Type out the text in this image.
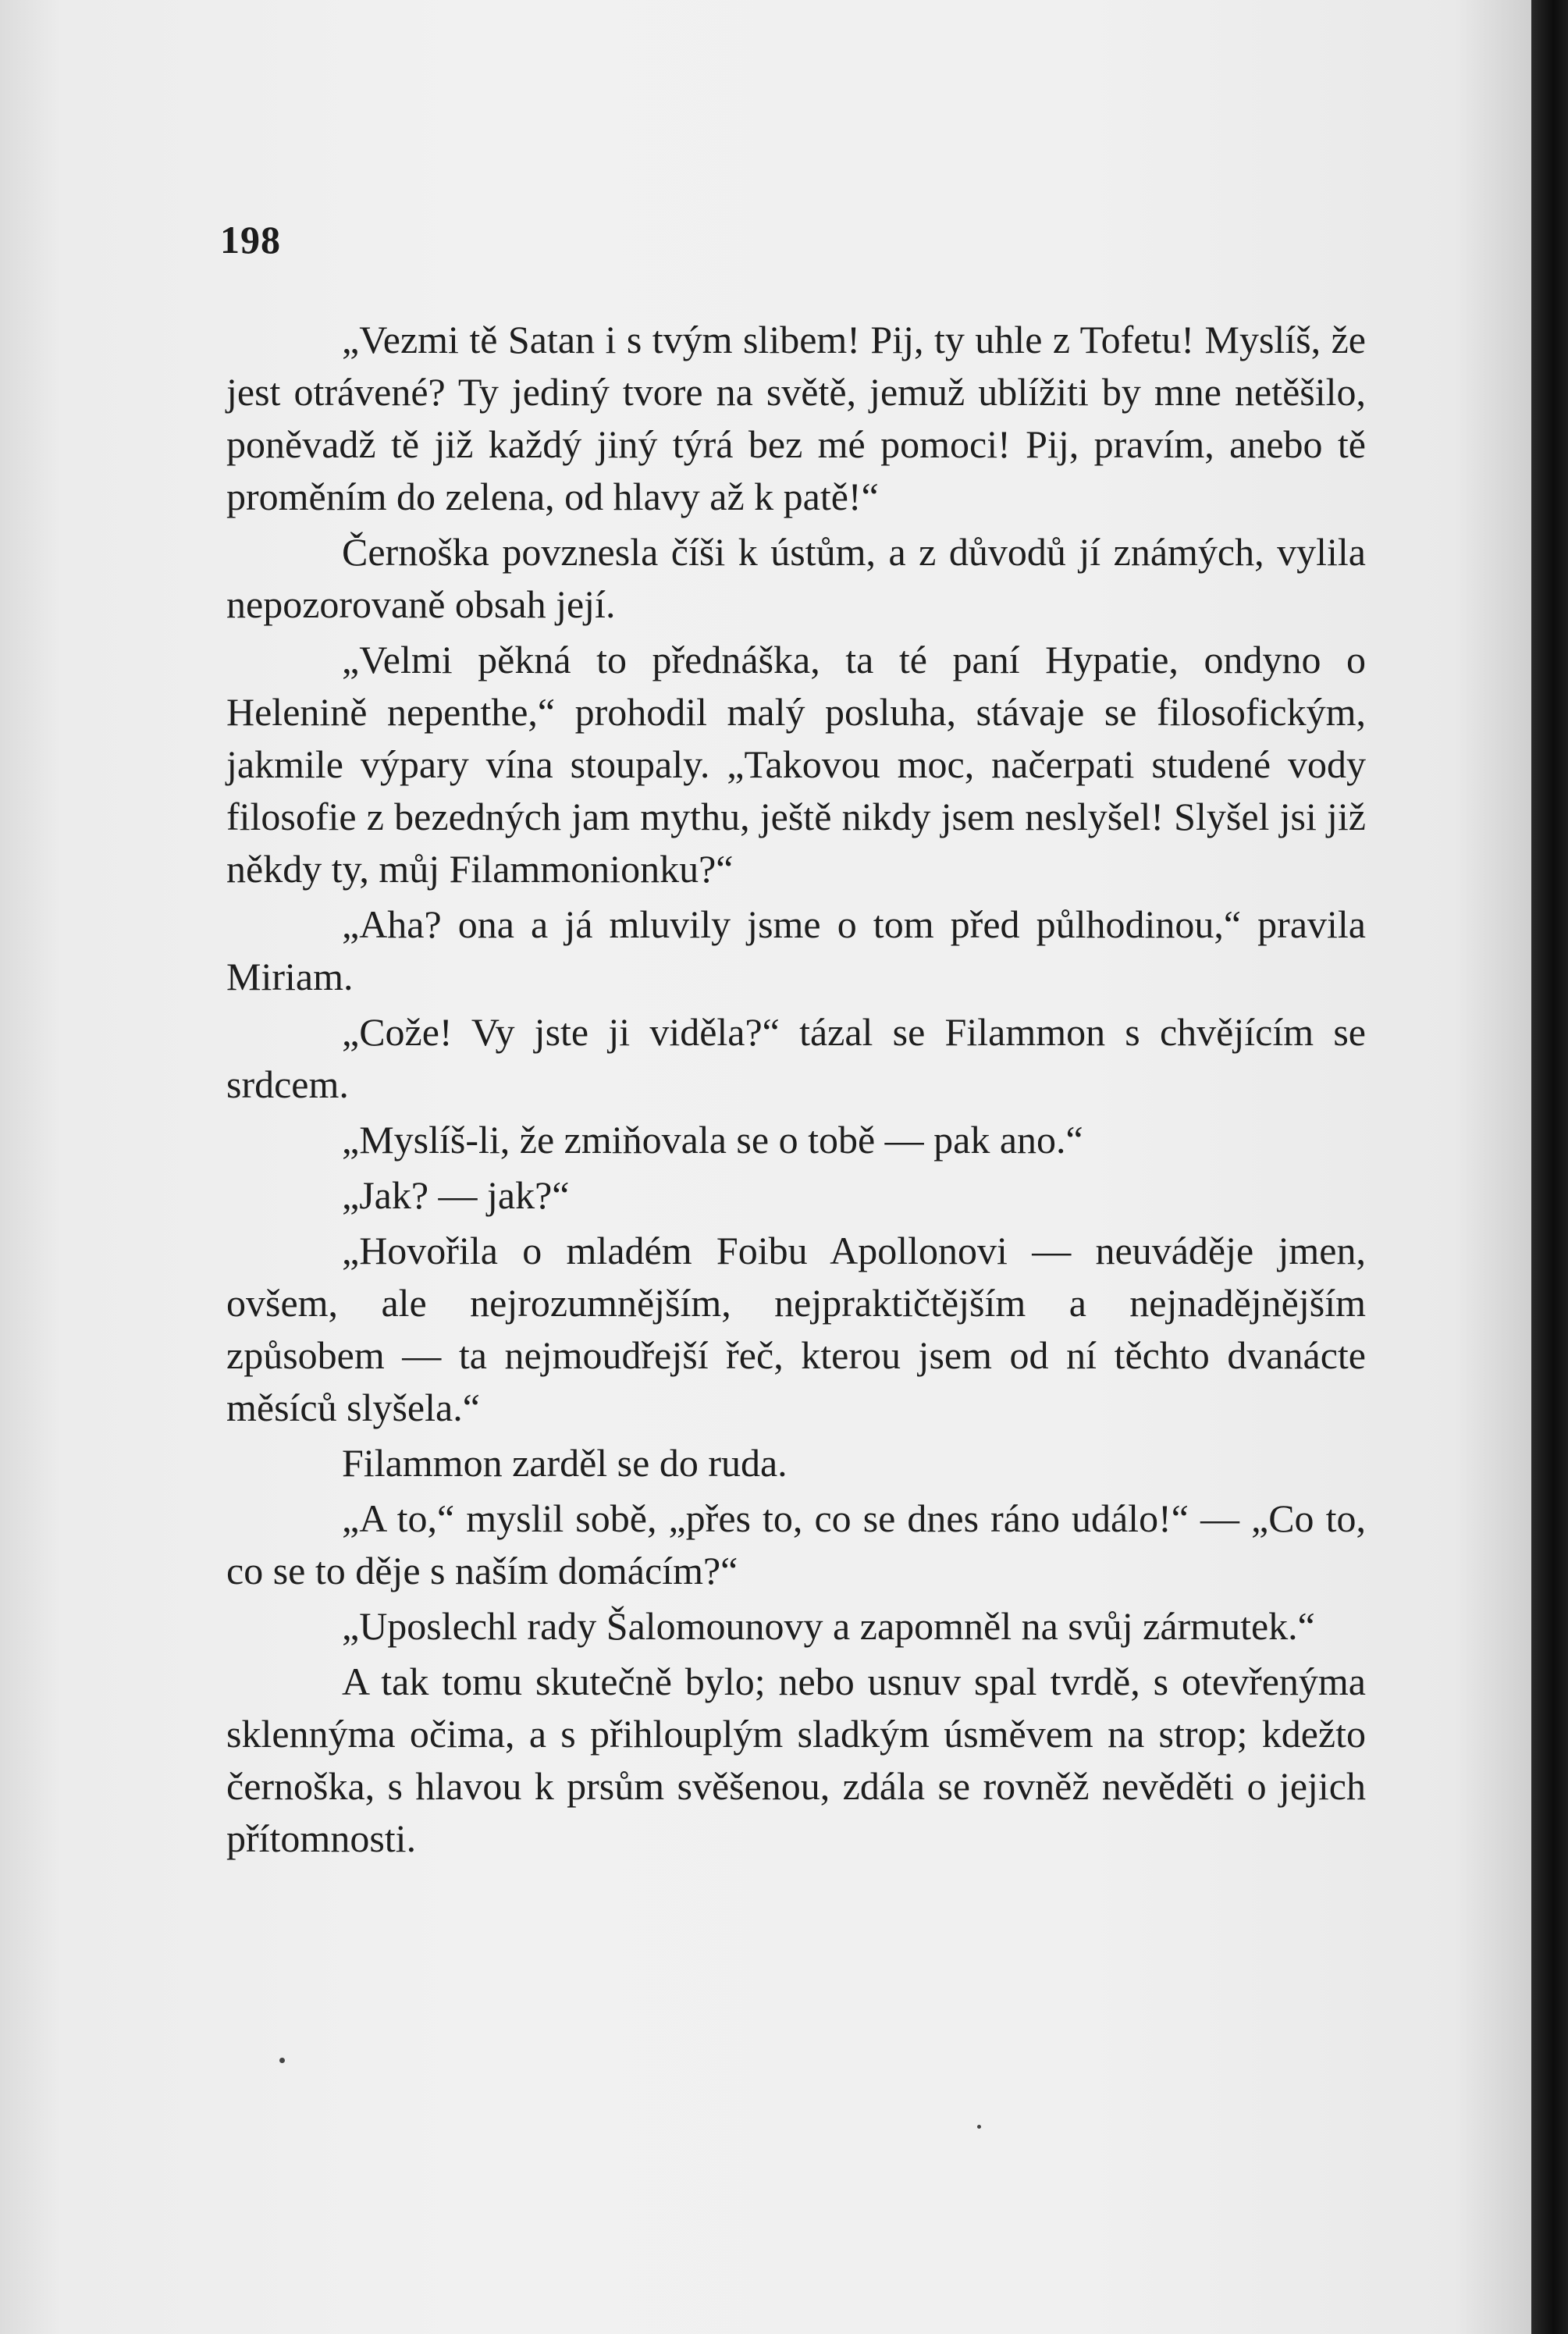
198

„Vezmi tě Satan i s tvým slibem! Pij, ty uhle z Tofetu! Myslíš, že jest otrávené? Ty jediný tvore na světě, jemuž ublížiti by mne netěšilo, poněvadž tě již každý jiný týrá bez mé pomoci! Pij, pravím, anebo tě proměním do zelena, od hlavy až k patě!“

Černoška povznesla číši k ústům, a z důvodů jí známých, vylila nepozorovaně obsah její.

„Velmi pěkná to přednáška, ta té paní Hypatie, ondyno o Helenině nepenthe,“ prohodil malý posluha, stávaje se filosofickým, jakmile výpary vína stoupaly. „Takovou moc, načerpati studené vody filosofie z bezedných jam mythu, ještě nikdy jsem neslyšel! Slyšel jsi již někdy ty, můj Filammonionku?“

„Aha? ona a já mluvily jsme o tom před půlhodinou,“ pravila Miriam.

„Cože! Vy jste ji viděla?“ tázal se Filammon s chvějícím se srdcem.

„Myslíš-li, že zmiňovala se o tobě — pak ano.“

„Jak? — jak?“

„Hovořila o mladém Foibu Apollonovi — neuváděje jmen, ovšem, ale nejrozumnějším, nejpraktičtějším a nejnadějnějším způsobem — ta nejmoudřejší řeč, kterou jsem od ní těchto dvanácte měsíců slyšela.“

Filammon zarděl se do ruda.

„A to,“ myslil sobě, „přes to, co se dnes ráno událo!“ — „Co to, co se to děje s naším domácím?“

„Uposlechl rady Šalomounovy a zapomněl na svůj zármutek.“

A tak tomu skutečně bylo; nebo usnuv spal tvrdě, s otevřenýma sklennýma očima, a s přihlouplým sladkým úsměvem na strop; kdežto černoška, s hlavou k prsům svěšenou, zdála se rovněž nevěděti o jejich přítomnosti.
